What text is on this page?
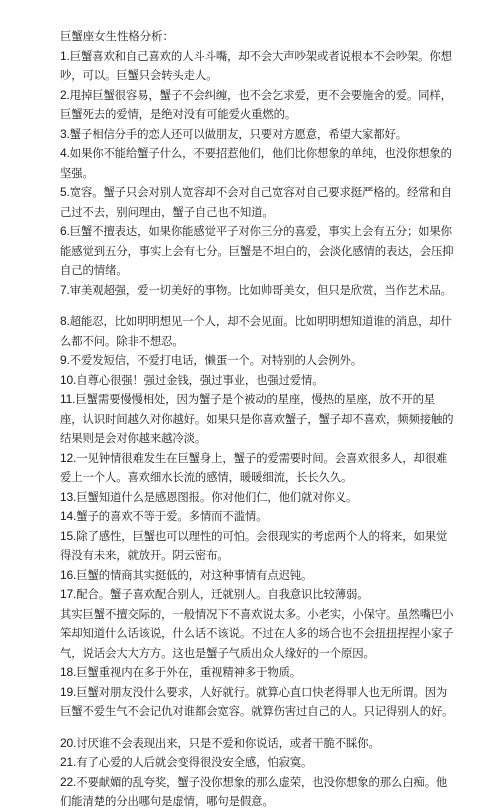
巨蟹座女生性格分析：

1.巨蟹喜欢和自己喜欢的人斗斗嘴，却不会大声吵架或者说根本不会吵架。你想吵，可以。巨蟹只会转头走人。

2.甩掉巨蟹很容易，蟹子不会纠缠，也不会乞求爱，更不会要施舍的爱。同样，巨蟹死去的爱情，是绝对没有可能爱火重燃的。

3.蟹子相信分手的恋人还可以做朋友，只要对方愿意，希望大家都好。

4.如果你不能给蟹子什么，不要招惹他们，他们比你想象的单纯，也没你想象的坚强。

5.宽容。蟹子只会对别人宽容却不会对自己宽容对自己要求挺严格的。经常和自己过不去，别问理由，蟹子自己也不知道。

6.巨蟹不擅表达，如果你能感觉平子对你三分的喜爱，事实上会有五分；如果你能感觉到五分，事实上会有七分。巨蟹是不坦白的，会淡化感情的表达，会压抑自己的情绪。

7.审美观超强，爱一切美好的事物。比如帅哥美女，但只是欣赏，当作艺术品。

8.超能忍，比如明明想见一个人，却不会见面。比如明明想知道谁的消息，却什么都不问。除非不想忍。

9.不爱发短信，不爱打电话，懒蛋一个。对特别的人会例外。

10.自尊心很强！强过金钱，强过事业，也强过爱情。

11.巨蟹需要慢慢相处，因为蟹子是个被动的星座，慢热的星座，放不开的星座，认识时间越久对你越好。如果只是你喜欢蟹子，蟹子却不喜欢，频频接触的结果则是会对你越来越冷淡。

12.一见钟情很难发生在巨蟹身上，蟹子的爱需要时间。会喜欢很多人，却很难爱上一个人。喜欢细水长流的感情，暖暖细流，长长久久。

13.巨蟹知道什么是感恩图报。你对他们仁，他们就对你义。

14.蟹子的喜欢不等于爱。多情而不滥情。

15.除了感性，巨蟹也可以理性的可怕。会很现实的考虑两个人的将来，如果觉得没有未来，就放开。阴云密布。

16.巨蟹的情商其实挺低的，对这种事情有点迟钝。

17.配合。蟹子喜欢配合别人，迁就别人。自我意识比较薄弱。

其实巨蟹不擅交际的，一般情况下不喜欢说太多。小老实，小保守。虽然嘴巴小笨却知道什么话该说，什么话不该说。不过在人多的场合也不会扭扭捏捏小家子气，说话会大大方方。这也是蟹子气质出众人缘好的一个原因。

18.巨蟹重视内在多于外在，重视精神多于物质。

19.巨蟹对朋友没什么要求，人好就行。就算心直口快老得罪人也无所谓。因为巨蟹不爱生气不会记仇对谁都会宽容。就算伤害过自己的人。只记得别人的好。

20.讨厌谁不会表现出来，只是不爱和你说话，或者干脆不睬你。

21.有了心爱的人后就会变得很没安全感，怕寂寞。

22.不要献媚的乱夸奖，蟹子没你想象的那么虚荣，也没你想象的那么白痴。他们能清楚的分出哪句是虚情，哪句是假意。
